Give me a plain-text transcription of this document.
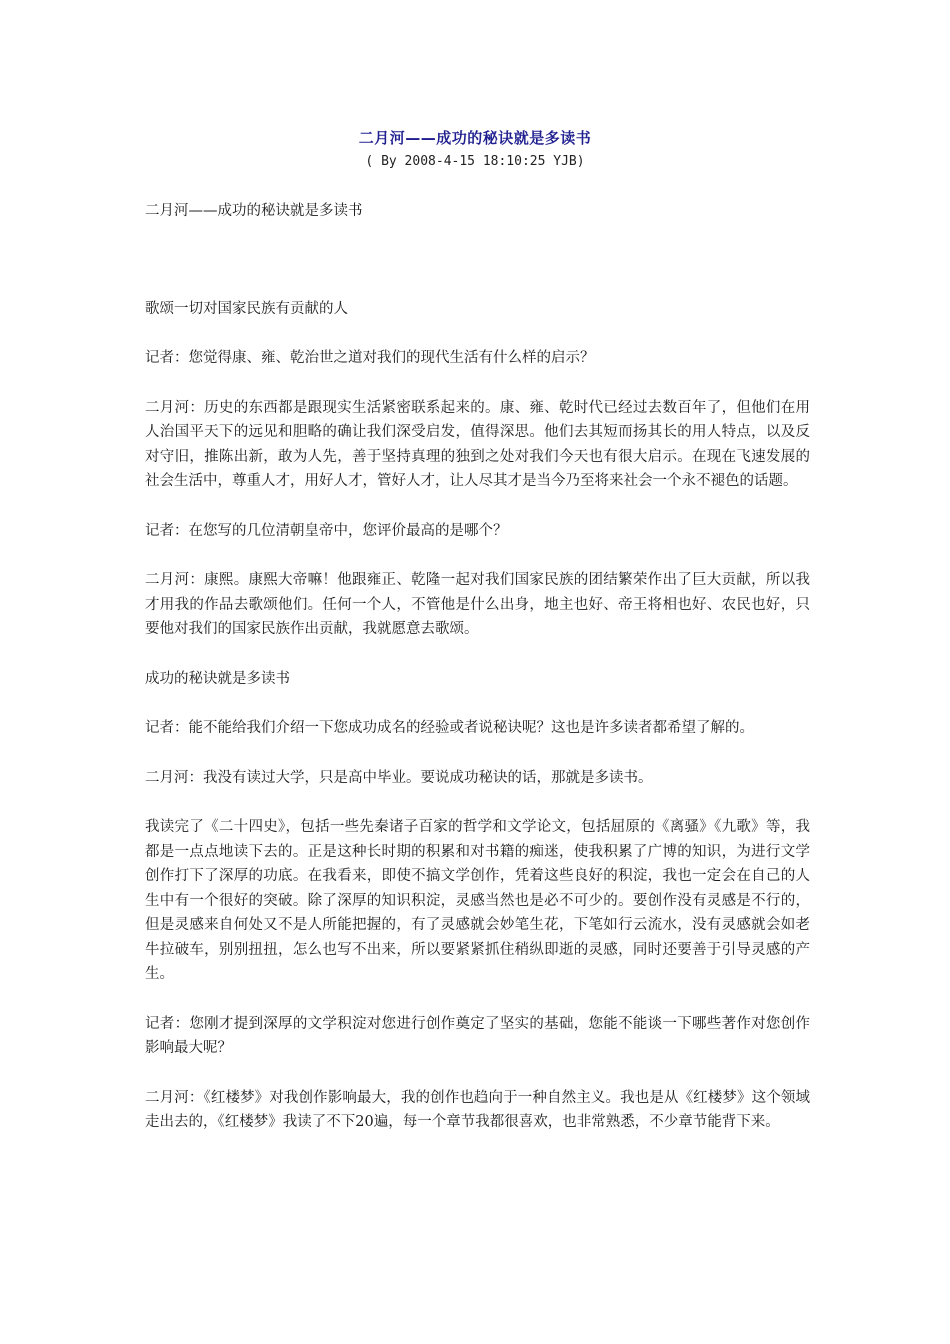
二月河——成功的秘诀就是多读书
( By 2008-4-15 18:10:25 YJB)

二月河——成功的秘诀就是多读书

歌颂一切对国家民族有贡献的人

记者：您觉得康、雍、乾治世之道对我们的现代生活有什么样的启示？

二月河：历史的东西都是跟现实生活紧密联系起来的。康、雍、乾时代已经过去数百年了，但他们在用人治国平天下的远见和胆略的确让我们深受启发，值得深思。他们去其短而扬其长的用人特点，以及反对守旧，推陈出新，敢为人先，善于坚持真理的独到之处对我们今天也有很大启示。在现在飞速发展的社会生活中，尊重人才，用好人才，管好人才，让人尽其才是当今乃至将来社会一个永不褪色的话题。

记者：在您写的几位清朝皇帝中，您评价最高的是哪个？

二月河：康熙。康熙大帝嘛！他跟雍正、乾隆一起对我们国家民族的团结繁荣作出了巨大贡献，所以我才用我的作品去歌颂他们。任何一个人，不管他是什么出身，地主也好、帝王将相也好、农民也好，只要他对我们的国家民族作出贡献，我就愿意去歌颂。

成功的秘诀就是多读书

记者：能不能给我们介绍一下您成功成名的经验或者说秘诀呢？这也是许多读者都希望了解的。

二月河：我没有读过大学，只是高中毕业。要说成功秘诀的话，那就是多读书。

我读完了《二十四史》，包括一些先秦诸子百家的哲学和文学论文，包括屈原的《离骚》《九歌》等，我都是一点点地读下去的。正是这种长时期的积累和对书籍的痴迷，使我积累了广博的知识，为进行文学创作打下了深厚的功底。在我看来，即使不搞文学创作，凭着这些良好的积淀，我也一定会在自己的人生中有一个很好的突破。除了深厚的知识积淀，灵感当然也是必不可少的。要创作没有灵感是不行的，但是灵感来自何处又不是人所能把握的，有了灵感就会妙笔生花，下笔如行云流水，没有灵感就会如老牛拉破车，别别扭扭，怎么也写不出来，所以要紧紧抓住稍纵即逝的灵感，同时还要善于引导灵感的产生。

记者：您刚才提到深厚的文学积淀对您进行创作奠定了坚实的基础，您能不能谈一下哪些著作对您创作影响最大呢？

二月河：《红楼梦》对我创作影响最大，我的创作也趋向于一种自然主义。我也是从《红楼梦》这个领域走出去的，《红楼梦》我读了不下20遍，每一个章节我都很喜欢，也非常熟悉，不少章节能背下来。
